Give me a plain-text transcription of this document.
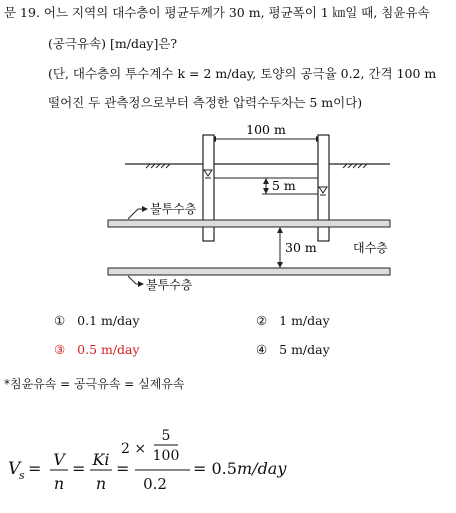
문 19. 어느 지역의 대수층이 평균두께가 30 m, 평균폭이 1 ㎞일 때, 침윤유속
(공극유속) [m/day]은?
(단, 대수층의 투수계수 k = 2 m/day, 토양의 공극율 0.2, 간격 100 m
떨어진 두 관측정으로부터 측정한 압력수두차는 5 m이다)
100 m
5 m
불투수층
30 m	대수층
불투수층
① 0.1 m/day	② 1 m/day
③ 0.5 m/day	④ 5 m/day
*침윤유속 = 공극유속 = 실제유속
V
s = V
n
= Ki
n
=
2 ×
5
100
0.2
= 0.5 m/day
